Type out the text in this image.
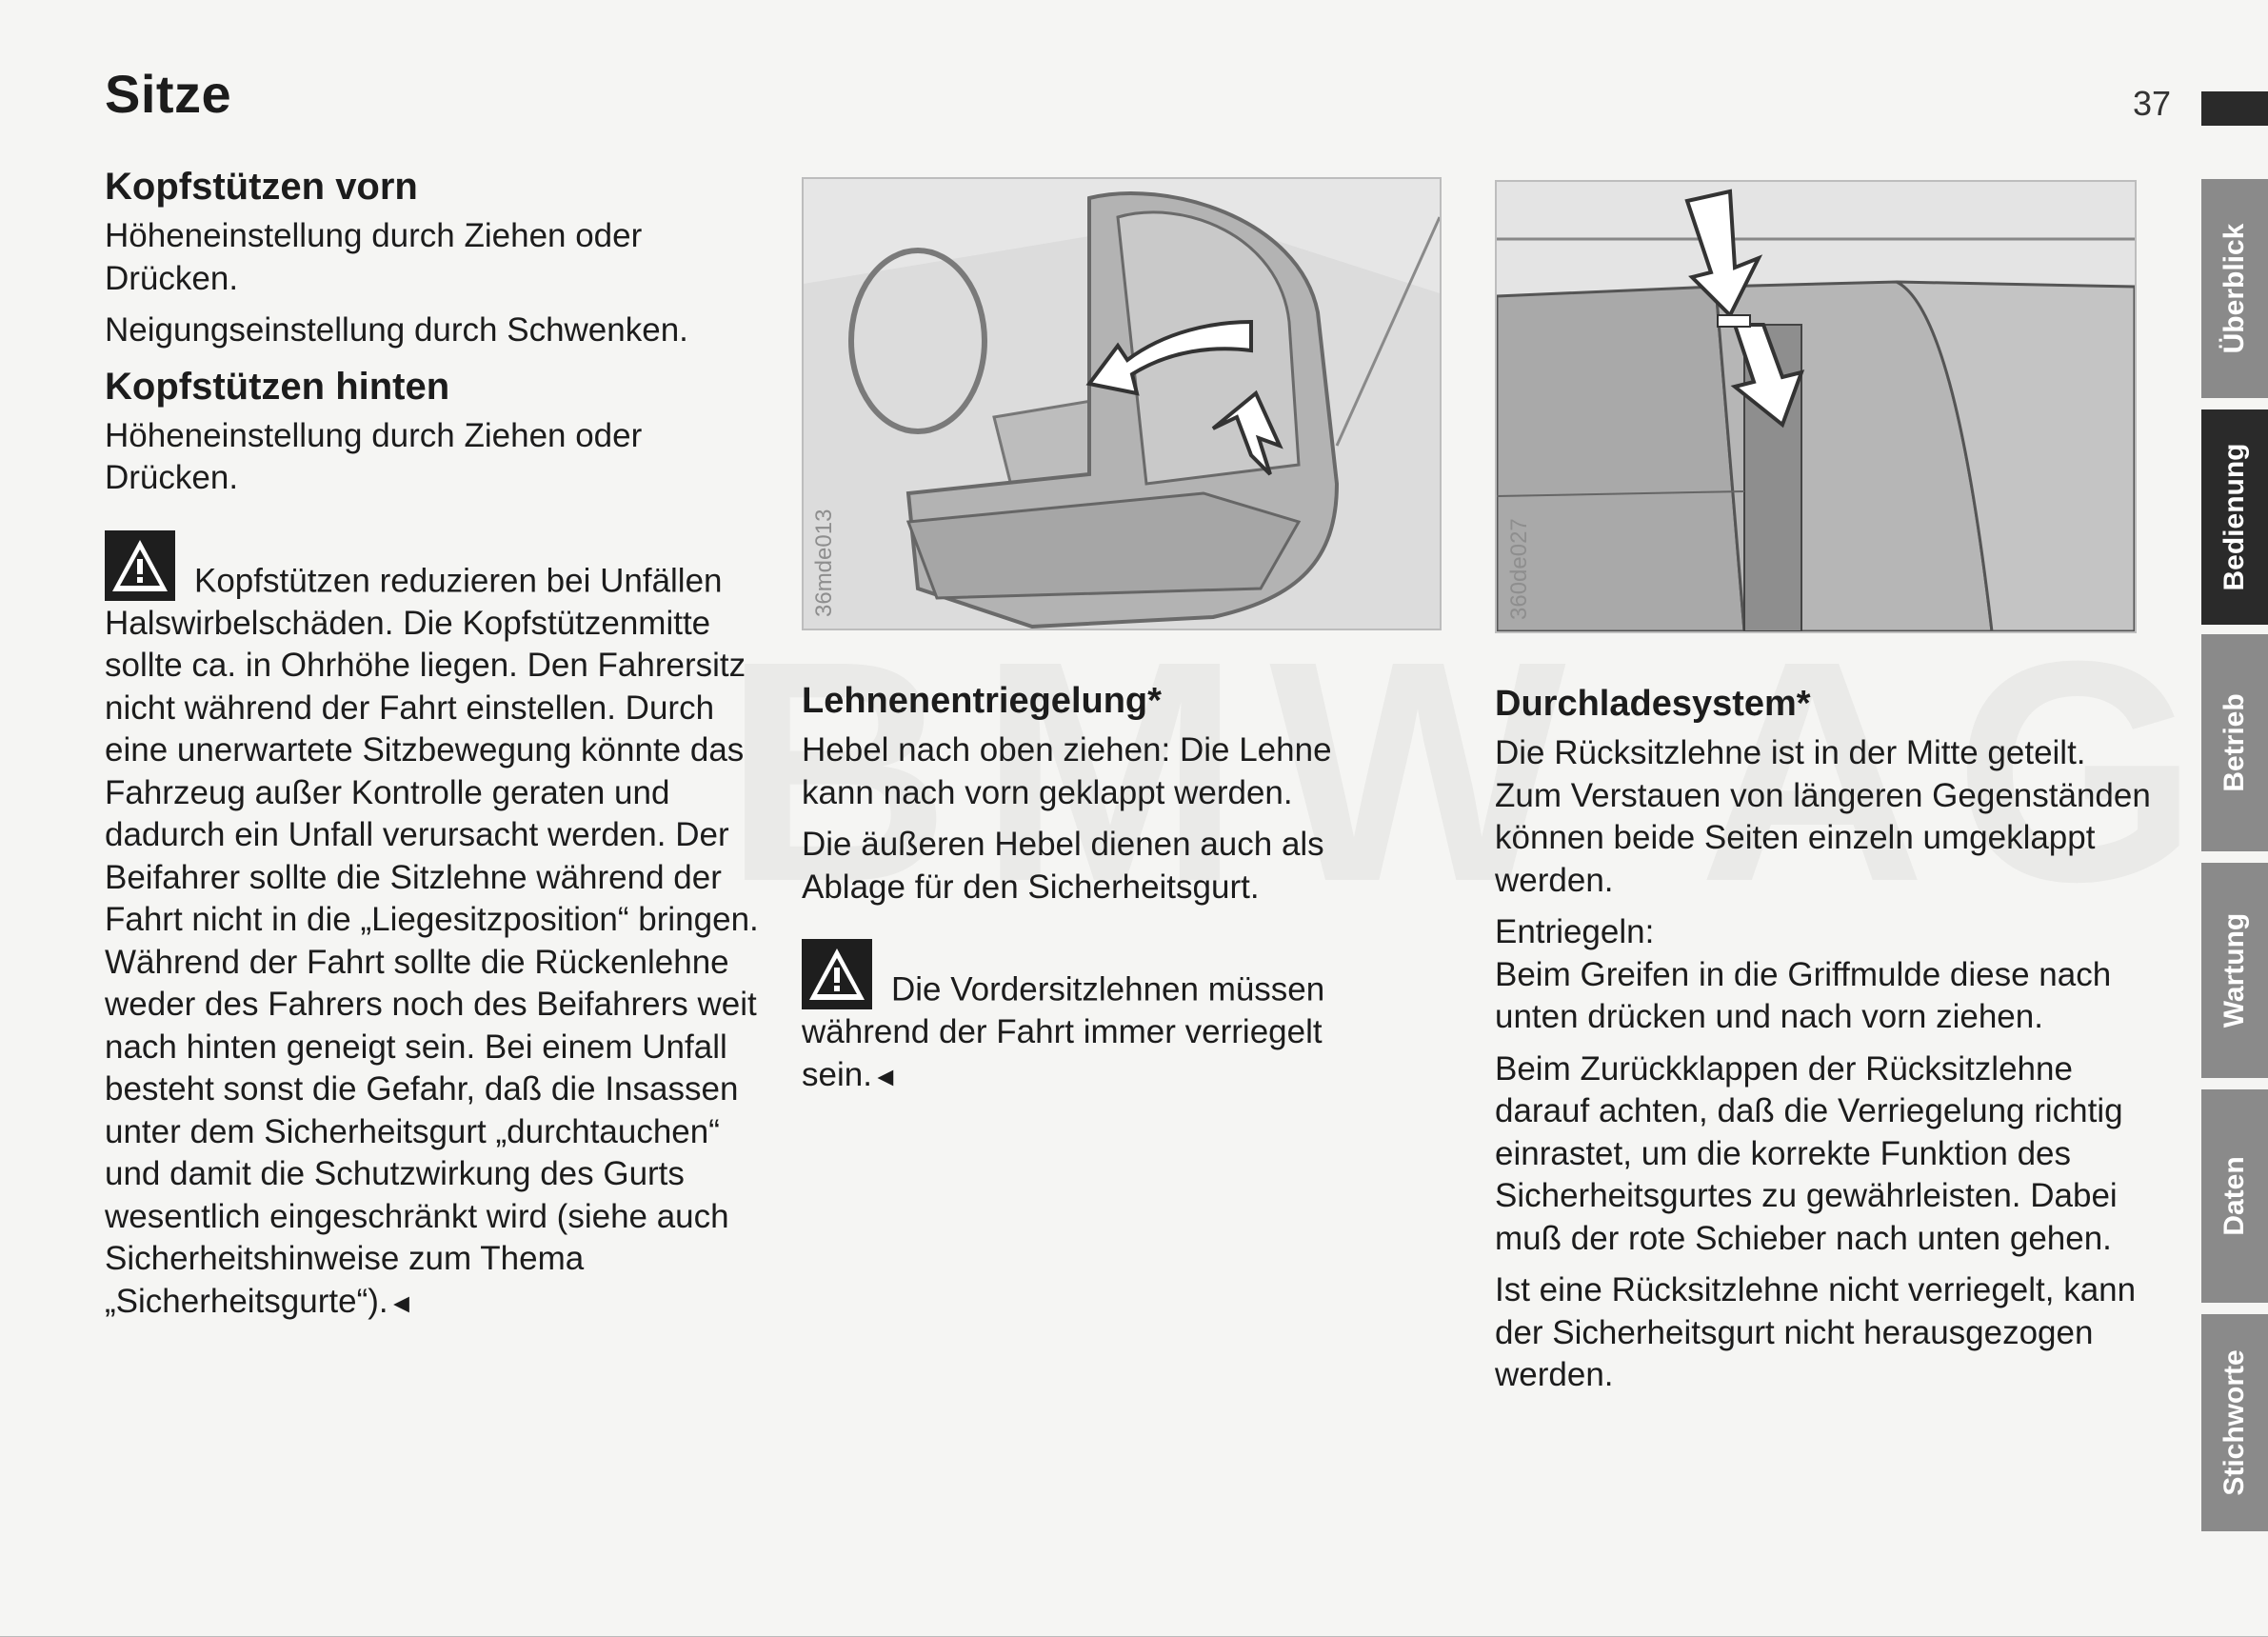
Sitze	37
Kopfstützen vorn

Höheneinstellung durch Ziehen oder Drücken.

Neigungseinstellung durch Schwenken.

Kopfstützen hinten

Höheneinstellung durch Ziehen oder Drücken.

Kopfstützen reduzieren bei Unfällen Halswirbelschäden. Die Kopfstützenmitte sollte ca. in Ohrhöhe liegen. Den Fahrersitz nicht während der Fahrt einstellen. Durch eine unerwartete Sitzbewegung könnte das Fahrzeug außer Kontrolle geraten und dadurch ein Unfall verursacht werden. Der Beifahrer sollte die Sitzlehne während der Fahrt nicht in die „Liegesitzposition“ bringen. Während der Fahrt sollte die Rückenlehne weder des Fahrers noch des Beifahrers weit nach hinten geneigt sein. Bei einem Unfall besteht sonst die Gefahr, daß die Insassen unter dem Sicherheitsgurt „durchtauchen“ und damit die Schutzwirkung des Gurts wesentlich eingeschränkt wird (siehe auch Sicherheitshinweise zum Thema „Sicherheitsgurte“).◄

36mde013
Lehnenentriegelung*

Hebel nach oben ziehen: Die Lehne kann nach vorn geklappt werden.

Die äußeren Hebel dienen auch als Ablage für den Sicherheitsgurt.

Die Vordersitzlehnen müssen während der Fahrt immer verriegelt sein.◄

360de027
Durchladesystem*

Die Rücksitzlehne ist in der Mitte geteilt. Zum Verstauen von längeren Gegenständen können beide Seiten einzeln umgeklappt werden.

Entriegeln:

Beim Greifen in die Griffmulde diese nach unten drücken und nach vorn ziehen.

Beim Zurückklappen der Rücksitzlehne darauf achten, daß die Verriegelung richtig einrastet, um die korrekte Funktion des Sicherheitsgurtes zu gewährleisten. Dabei muß der rote Schieber nach unten gehen.

Ist eine Rücksitzlehne nicht verriegelt, kann der Sicherheitsgurt nicht herausgezogen werden.

Überblick
Bedienung
Betrieb
Wartung
Daten
Stichworte
